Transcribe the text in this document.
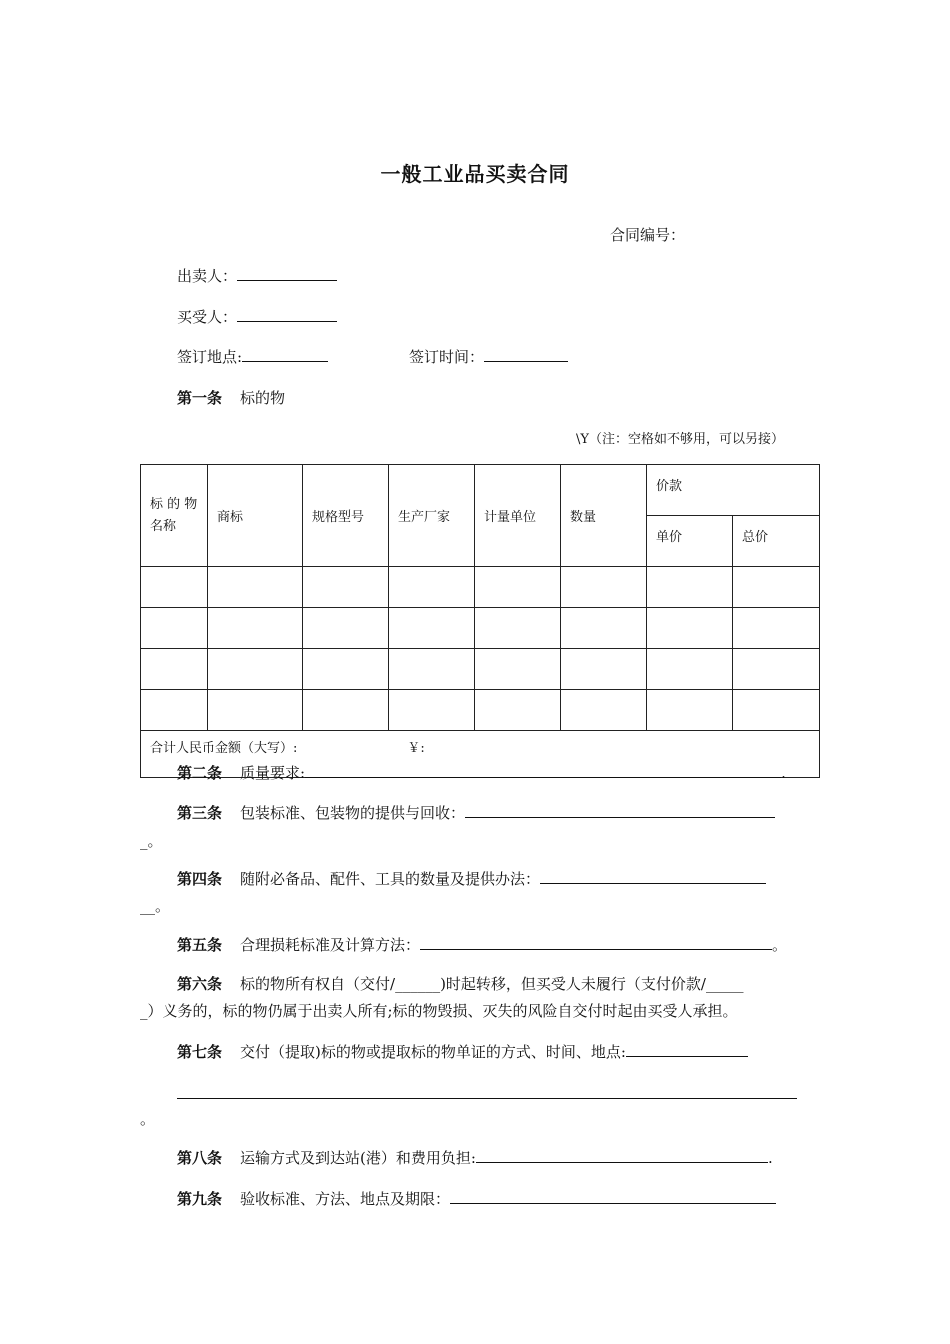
一般工业品买卖合同
合同编号：
出卖人：
买受人：
签订地点:	签订时间：
第一条 标的物
\Y（注：空格如不够用，可以另接）
标 的 物 名称	商标	规格型号	生产厂家	计量单位	数量	价款	
						单价	总价

合计人民币金额（大写）: ￥:							
第二条 质量要求:	.
第三条 包装标准、包装物的提供与回收：
_。
第四条 随附必备品、配件、工具的数量及提供办法：
__。
第五条 合理损耗标准及计算方法：	。
第六条 标的物所有权自（交付/______)时起转移，但买受人未履行（支付价款/_____
_）义务的，标的物仍属于出卖人所有;标的物毁损、灭失的风险自交付时起由买受人承担。
第七条 交付（提取)标的物或提取标的物单证的方式、时间、地点:
。
第八条 运输方式及到达站(港）和费用负担:	.
第九条 验收标准、方法、地点及期限：
